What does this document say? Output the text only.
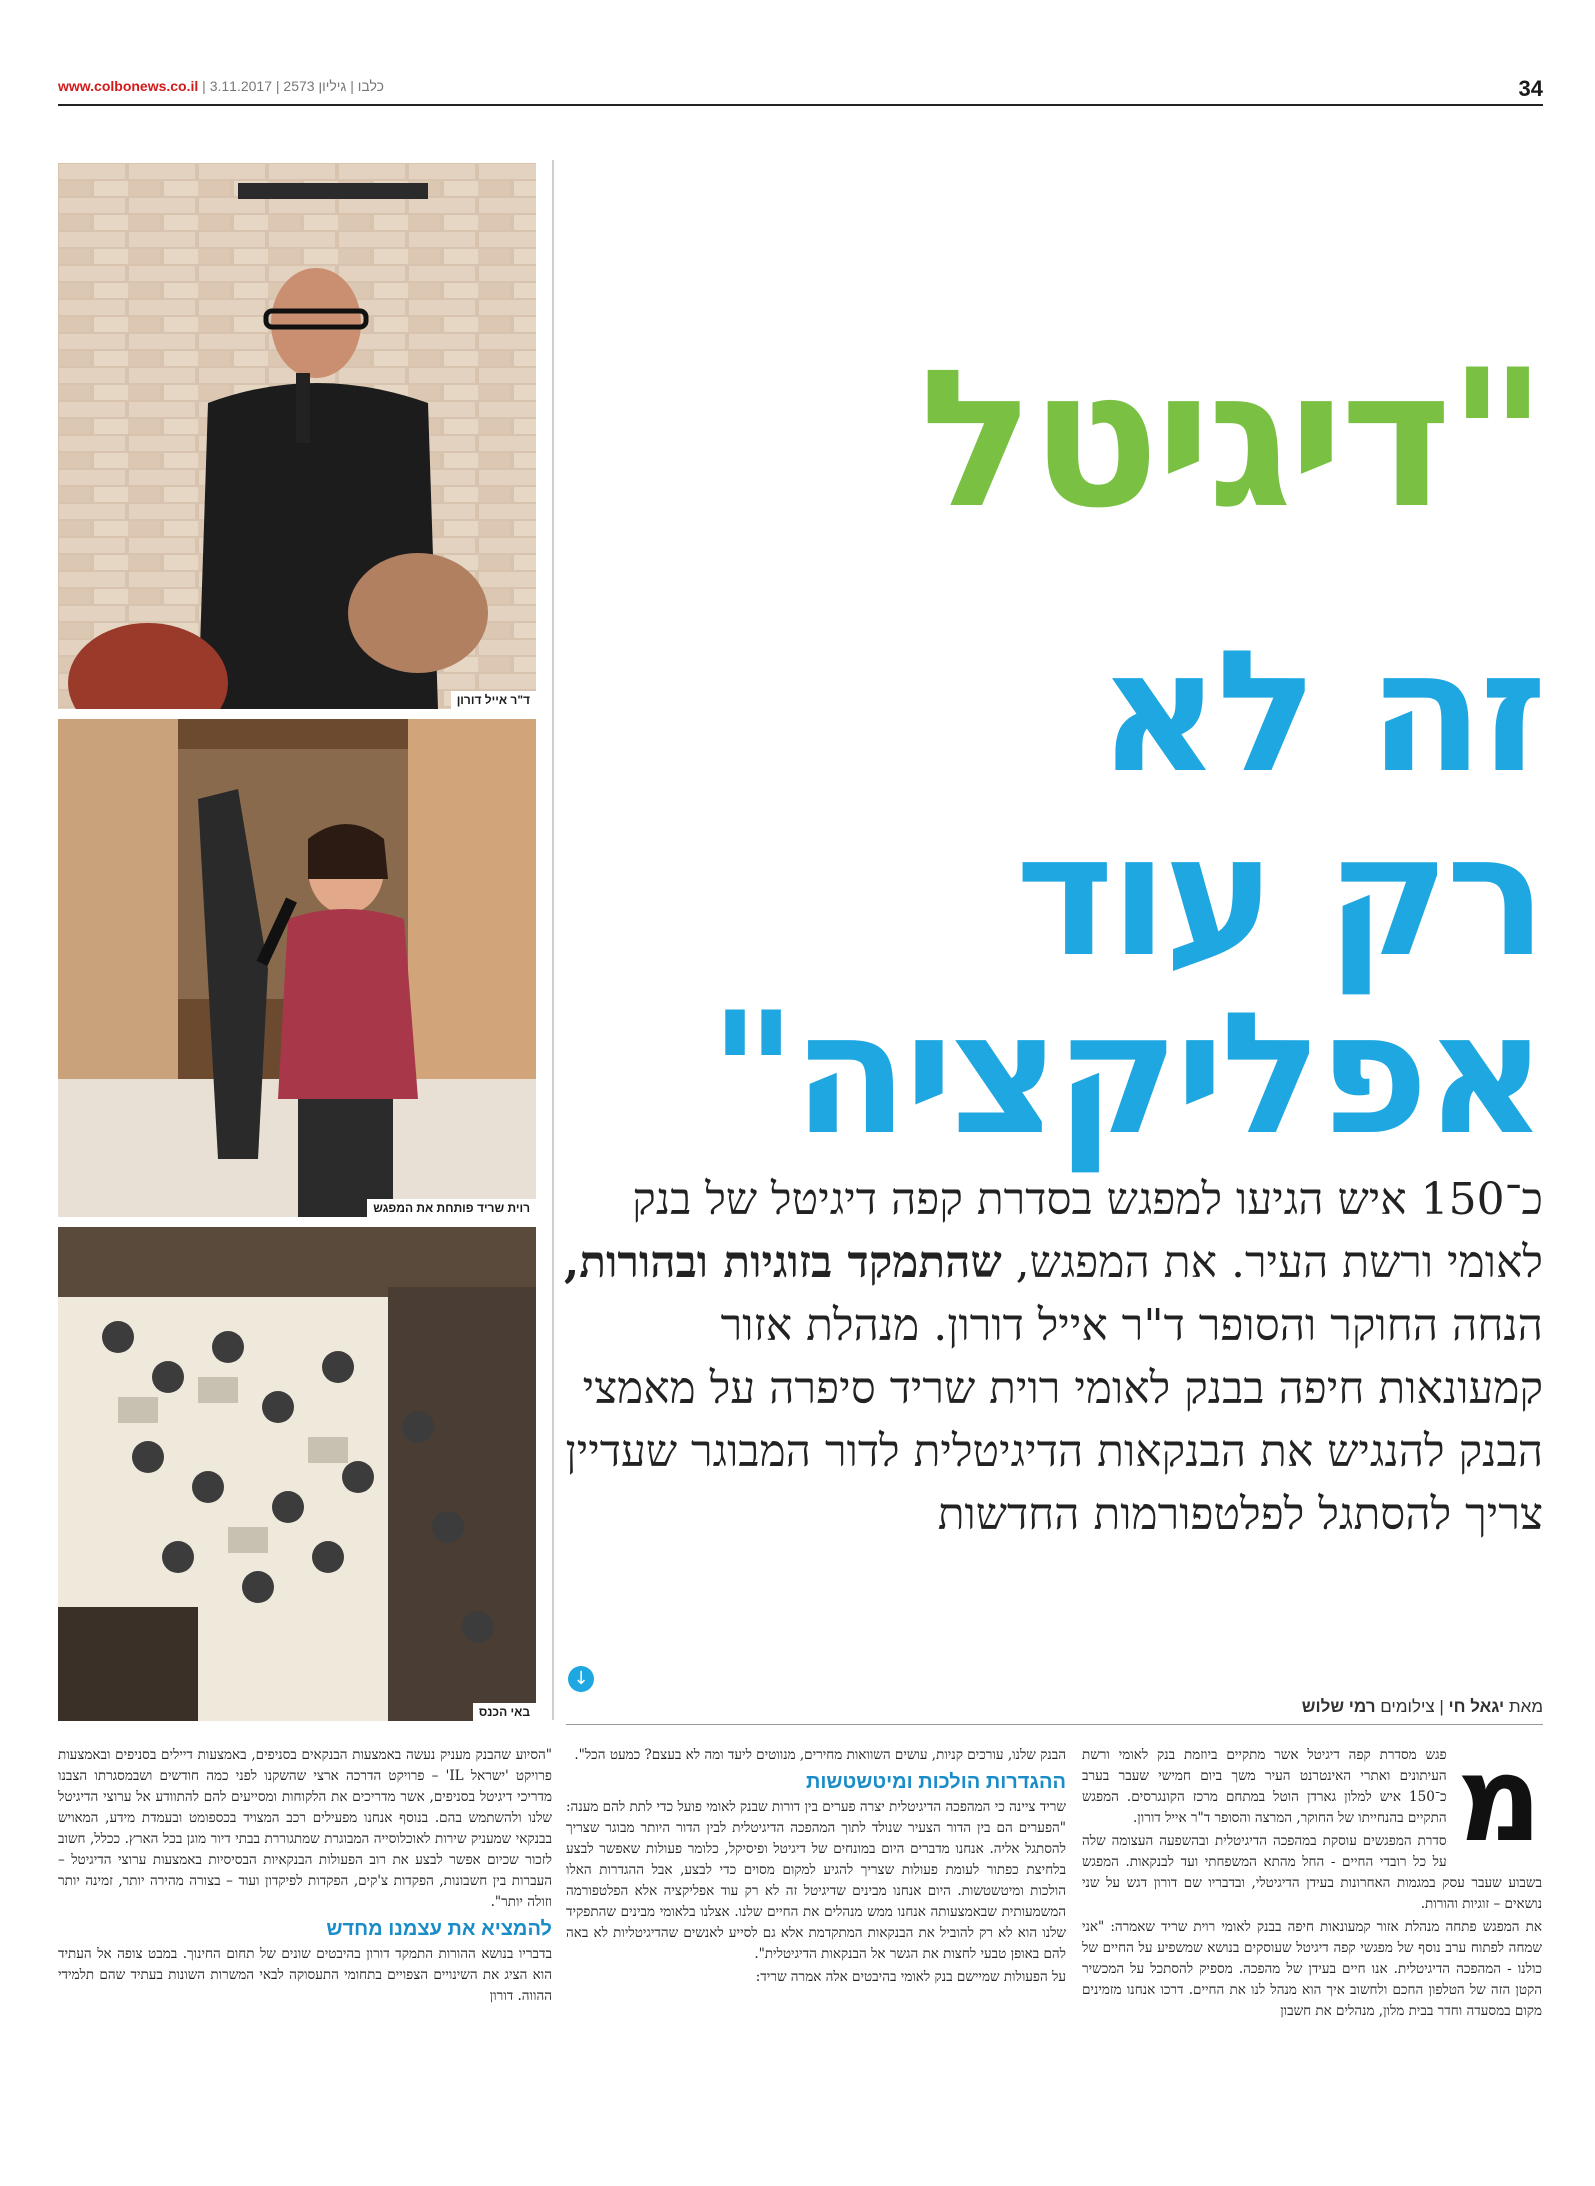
www.colbonews.co.il | כלבו | גיליון 2573 | 3.11.2017	34
ד"ר אייל דורון
רוית שריד פותחת את המפגש
באי הכנס
"דיגיטל
זה לא
רק עוד
אפליקציה"
כ־150 איש הגיעו למפגש בסדרת קפה דיגיטל של בנק לאומי ורשת העיר. את המפגש, שהתמקד בזוגיות ובהורות, הנחה החוקר והסופר ד"ר אייל דורון. מנהלת אזור קמעונאות חיפה בבנק לאומי רוית שריד סיפרה על מאמצי הבנק להנגיש את הבנקאות הדיגיטלית לדור המבוגר שעדיין צריך להסתגל לפלטפורמות החדשות
↓
מאת יגאל חי | צילומים רמי שלוש
מ

פגש מסדרת קפה דיגיטל אשר מתקיים ביוזמת בנק לאומי ורשת העיתונים ואתרי האינטרנט העיר משך ביום חמישי שעבר בערב כ־150 איש למלון גארדן הוטל במתחם מרכז הקונגרסים. המפגש התקיים בהנחייתו של החוקר, המרצה והסופר ד"ר אייל דורון.

סדרת המפגשים עוסקת במהפכה הדיגיטלית ובהשפעה העצומה שלה על כל רובדי החיים - החל מהתא המשפחתי ועד לבנקאות. המפגש בשבוע שעבר עסק במגמות האחרונות בעידן הדיגיטלי, ובדבריו שם דורון דגש על שני נושאים – זוגיות והורות.

את המפגש פתחה מנהלת אזור קמעונאות חיפה בבנק לאומי רוית שריד שאמרה: "אני שמחה לפתוח ערב נוסף של מפגשי קפה דיגיטל שעוסקים בנושא שמשפיע על החיים של כולנו - המהפכה הדיגיטלית. אנו חיים בעידן של מהפכה. מספיק להסתכל על המכשיר הקטן הזה של הטלפון החכם ולחשוב איך הוא מנהל לנו את החיים. דרכו אנחנו מזמינים מקום במסעדה וחדר בבית מלון, מנהלים את חשבון

הבנק שלנו, עורכים קניות, עושים השוואות מחירים, מנווטים ליעד ומה לא בעצם? כמעט הכל".

ההגדרות הולכות ומיטשטשות

שריד ציינה כי המהפכה הדיגיטלית יצרה פערים בין דורות שבנק לאומי פועל כדי לתת להם מענה: "הפערים הם בין הדור הצעיר שנולד לתוך המהפכה הדיגיטלית לבין הדור היותר מבוגר שצריך להסתגל אליה. אנחנו מדברים היום במונחים של דיגיטל ופיסיקל, כלומר פעולות שאפשר לבצע בלחיצת כפתור לעומת פעולות שצריך להגיע למקום מסוים כדי לבצע, אבל ההגדרות האלו הולכות ומיטשטשות. היום אנחנו מבינים שדיגיטל זה לא רק עוד אפליקציה אלא הפלטפורמה המשמעותית שבאמצעותה אנחנו ממש מנהלים את החיים שלנו. אצלנו בלאומי מבינים שהתפקיד שלנו הוא לא רק להוביל את הבנקאות המתקדמת אלא גם לסייע לאנשים שהדיגיטליות לא באה להם באופן טבעי לחצות את הגשר אל הבנקאות הדיגיטלית".

על הפעולות שמיישם בנק לאומי בהיבטים אלה אמרה שריד:

"הסיוע שהבנק מעניק נעשה באמצעות הבנקאים בסניפים, באמצעות דיילים בסניפים ובאמצעות פרויקט 'ישראל IL' – פרויקט הדרכה ארצי שהשקנו לפני כמה חודשים ושבמסגרתו הצבנו מדריכי דיגיטל בסניפים, אשר מדריכים את הלקוחות ומסייעים להם להתוודע אל ערוצי הדיגיטל שלנו ולהשתמש בהם. בנוסף אנחנו מפעילים רכב המצויד בכספומט ובעמדת מידע, המאויש בבנקאי שמעניק שירות לאוכלוסייה המבוגרת שמתגוררת בבתי דיור מוגן בכל הארץ. ככלל, חשוב לזכור שכיום אפשר לבצע את רוב הפעולות הבנקאיות הבסיסיות באמצעות ערוצי הדיגיטל – העברות בין חשבונות, הפקדות צ'קים, הפקדות לפיקדון ועוד – בצורה מהירה יותר, זמינה יותר וזולה יותר".

להמציא את עצמנו מחדש

בדבריו בנושא ההורות התמקד דורון בהיבטים שונים של תחום החינוך. במבט צופה אל העתיד הוא הציג את השינויים הצפויים בתחומי התעסוקה לבאי המשרות השונות בעתיד שהם תלמידי ההווה. דורון
